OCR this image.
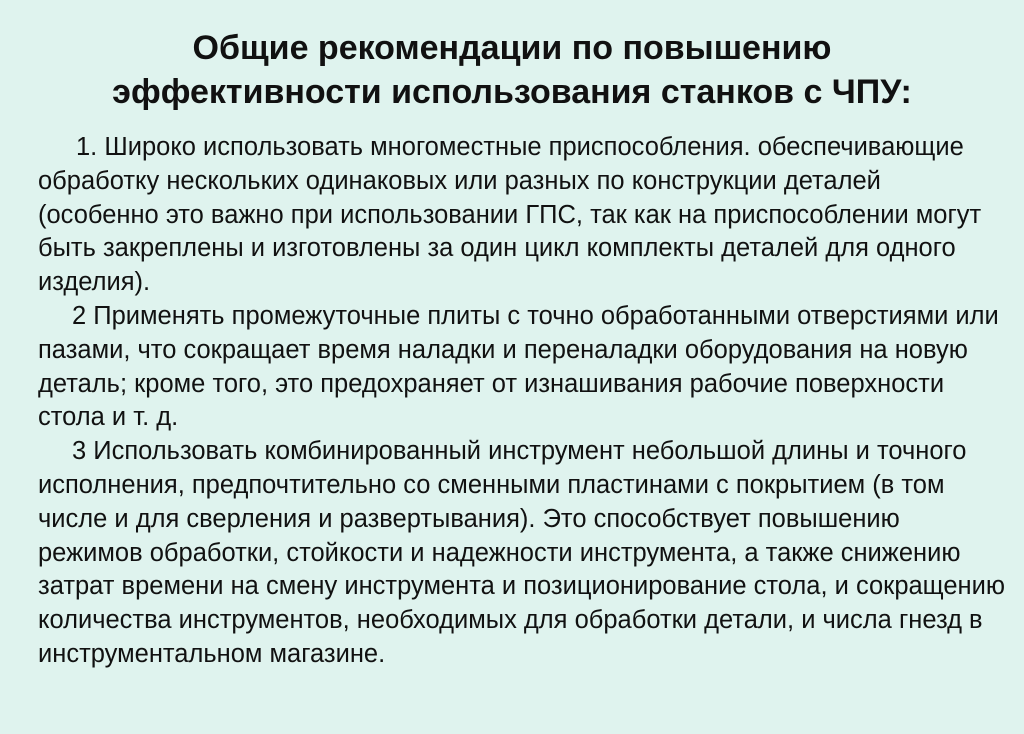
Общие рекомендации по повышению
эффективности использования станков с ЧПУ:

1. Широко использовать многоместные приспособления. обеспечивающие обработку нескольких одинаковых или разных по конструкции деталей (особенно это важно при использовании ГПС, так как на приспособлении могут быть закреплены и изготовлены за один цикл комплекты деталей для одного изделия).

2 Применять промежуточные плиты с точно обработанными отверстиями или пазами, что сокращает время наладки и переналадки оборудования на новую деталь; кроме того, это предохраняет от изнашивания рабочие поверхности стола и т. д.

3 Использовать комбинированный инструмент небольшой длины и точного исполнения, предпочтительно со сменными пластинами с покрытием (в том числе и для сверления и развертывания). Это способствует повышению режимов обработки, стойкости и надежности инструмента, а также снижению затрат времени на смену инструмента и позиционирование стола, и сокращению количества инструментов, необходимых для обработки детали, и числа гнезд в инструментальном магазине.
